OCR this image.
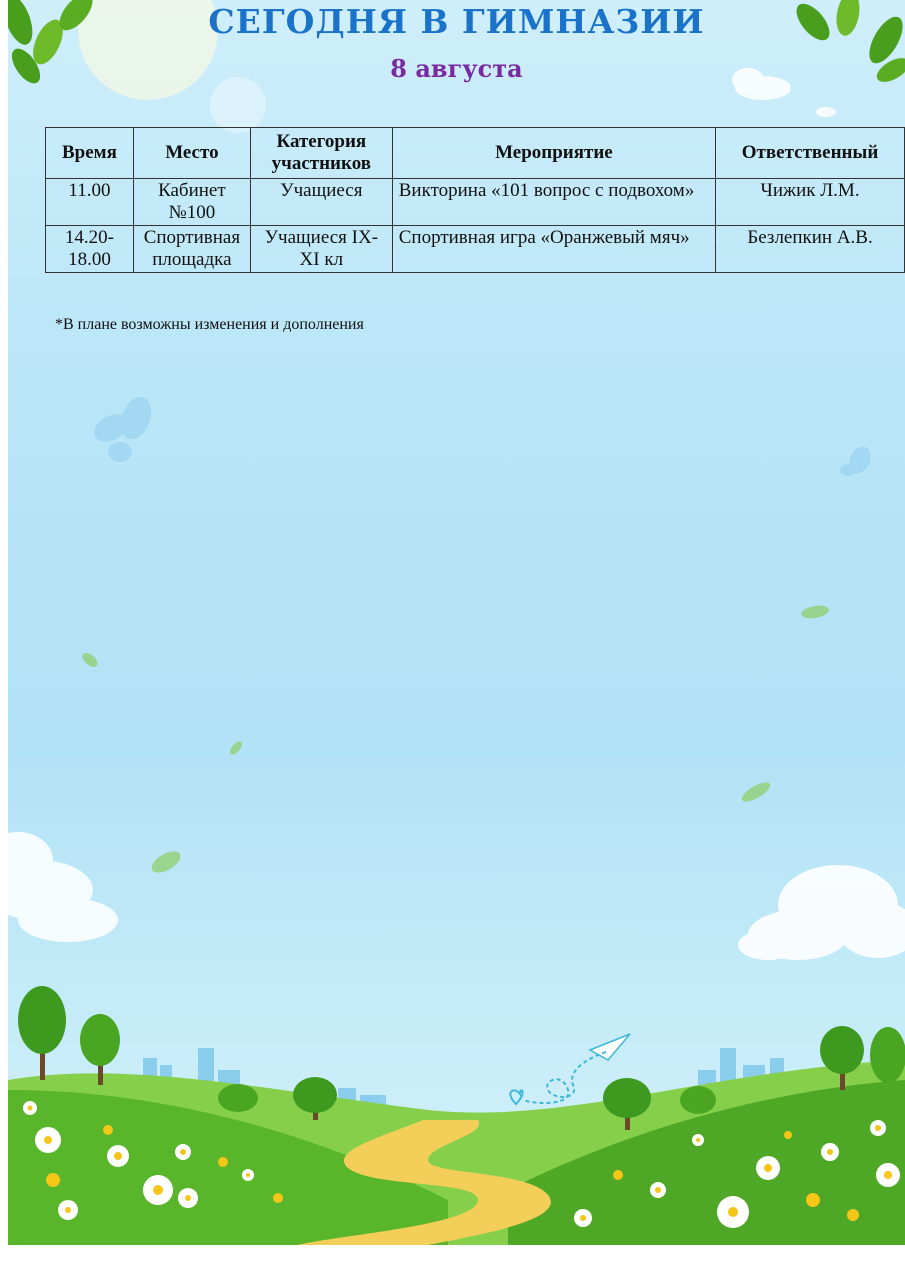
СЕГОДНЯ В ГИМНАЗИИ
8 августа
Время	Место	Категория участников	Мероприятие	Ответственный
11.00	Кабинет №100	Учащиеся	Викторина «101 вопрос с подвохом»	Чижик Л.М.
14.20-18.00	Спортивная площадка	Учащиеся IX-XI кл	Спортивная игра «Оранжевый мяч»	Безлепкин А.В.
*В плане возможны изменения и дополнения
